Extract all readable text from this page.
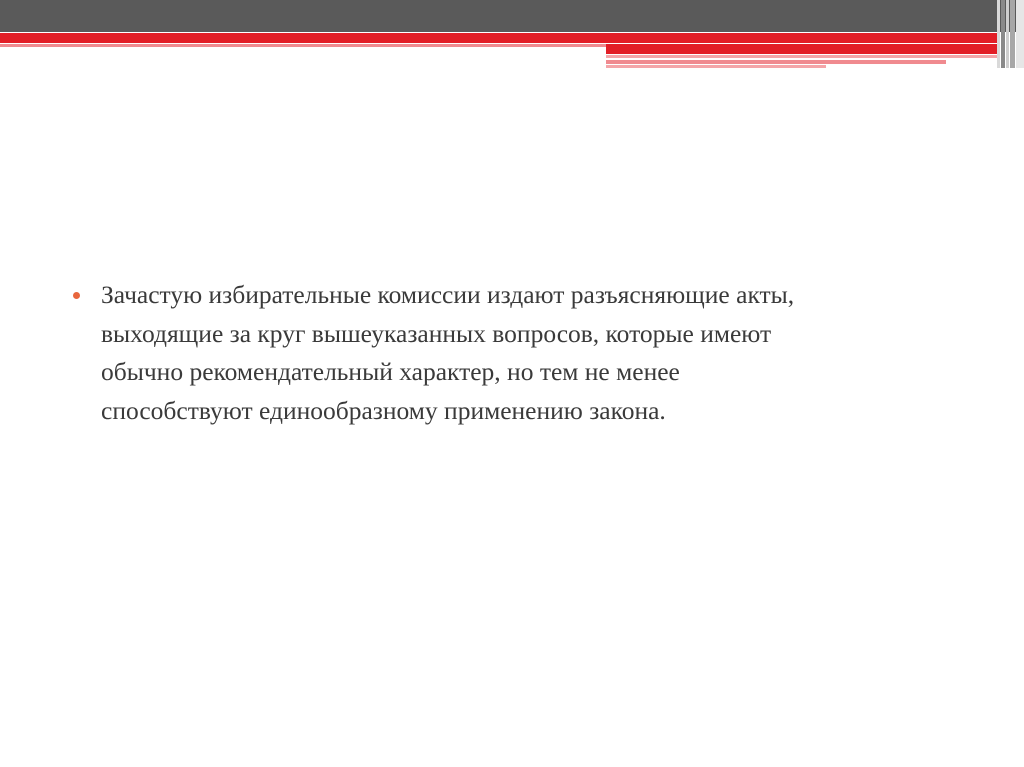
Зачастую избирательные комиссии издают разъясняющие акты,
выходящие за круг вышеуказанных вопросов, которые имеют
обычно рекомендательный характер, но тем не менее
способствуют единообразному применению закона.
